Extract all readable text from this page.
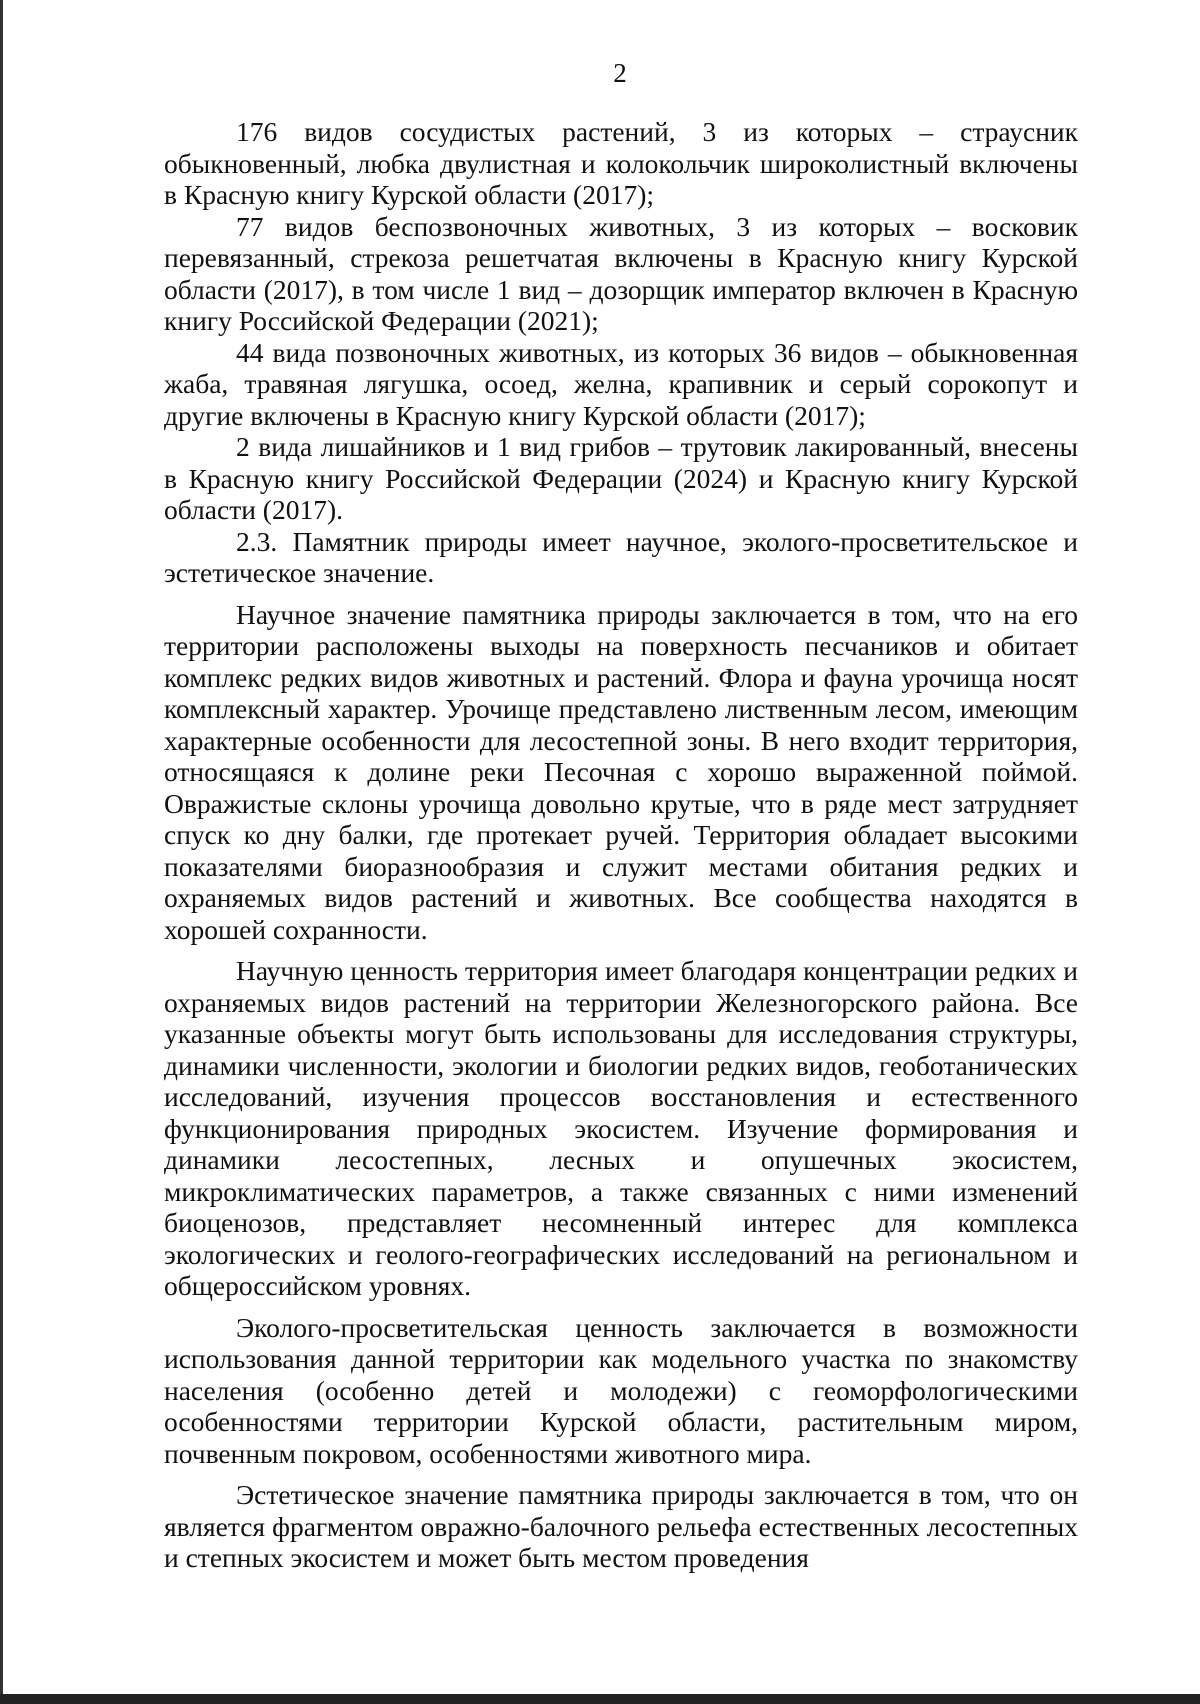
2

176 видов сосудистых растений, 3 из которых – страусник обыкновенный, любка двулистная и колокольчик широколистный включены в Красную книгу Курской области (2017);

77 видов беспозвоночных животных, 3 из которых – восковик перевязанный, стрекоза решетчатая включены в Красную книгу Курской области (2017), в том числе 1 вид – дозорщик император включен в Красную книгу Российской Федерации (2021);

44 вида позвоночных животных, из которых 36 видов – обыкновенная жаба, травяная лягушка, осоед, желна, крапивник и серый сорокопут и другие включены в Красную книгу Курской области (2017);

2 вида лишайников и 1 вид грибов – трутовик лакированный, внесены в Красную книгу Российской Федерации (2024) и Красную книгу Курской области (2017).

2.3. Памятник природы имеет научное, эколого-просветительское и эстетическое значение.

Научное значение памятника природы заключается в том, что на его территории расположены выходы на поверхность песчаников и обитает комплекс редких видов животных и растений. Флора и фауна урочища носят комплексный характер. Урочище представлено лиственным лесом, имеющим характерные особенности для лесостепной зоны. В него входит территория, относящаяся к долине реки Песочная с хорошо выраженной поймой. Овражистые склоны урочища довольно крутые, что в ряде мест затрудняет спуск ко дну балки, где протекает ручей. Территория обладает высокими показателями биоразнообразия и служит местами обитания редких и охраняемых видов растений и животных. Все сообщества находятся в хорошей сохранности.

Научную ценность территория имеет благодаря концентрации редких и охраняемых видов растений на территории Железногорского района. Все указанные объекты могут быть использованы для исследования структуры, динамики численности, экологии и биологии редких видов, геоботанических исследований, изучения процессов восстановления и естественного функционирования природных экосистем. Изучение формирования и динамики лесостепных, лесных и опушечных экосистем, микроклиматических параметров, а также связанных с ними изменений биоценозов, представляет несомненный интерес для комплекса экологических и геолого-географических исследований на региональном и общероссийском уровнях.

Эколого-просветительская ценность заключается в возможности использования данной территории как модельного участка по знакомству населения (особенно детей и молодежи) с геоморфологическими особенностями территории Курской области, растительным миром, почвенным покровом, особенностями животного мира.

Эстетическое значение памятника природы заключается в том, что он является фрагментом овражно-балочного рельефа естественных лесостепных и степных экосистем и может быть местом проведения
